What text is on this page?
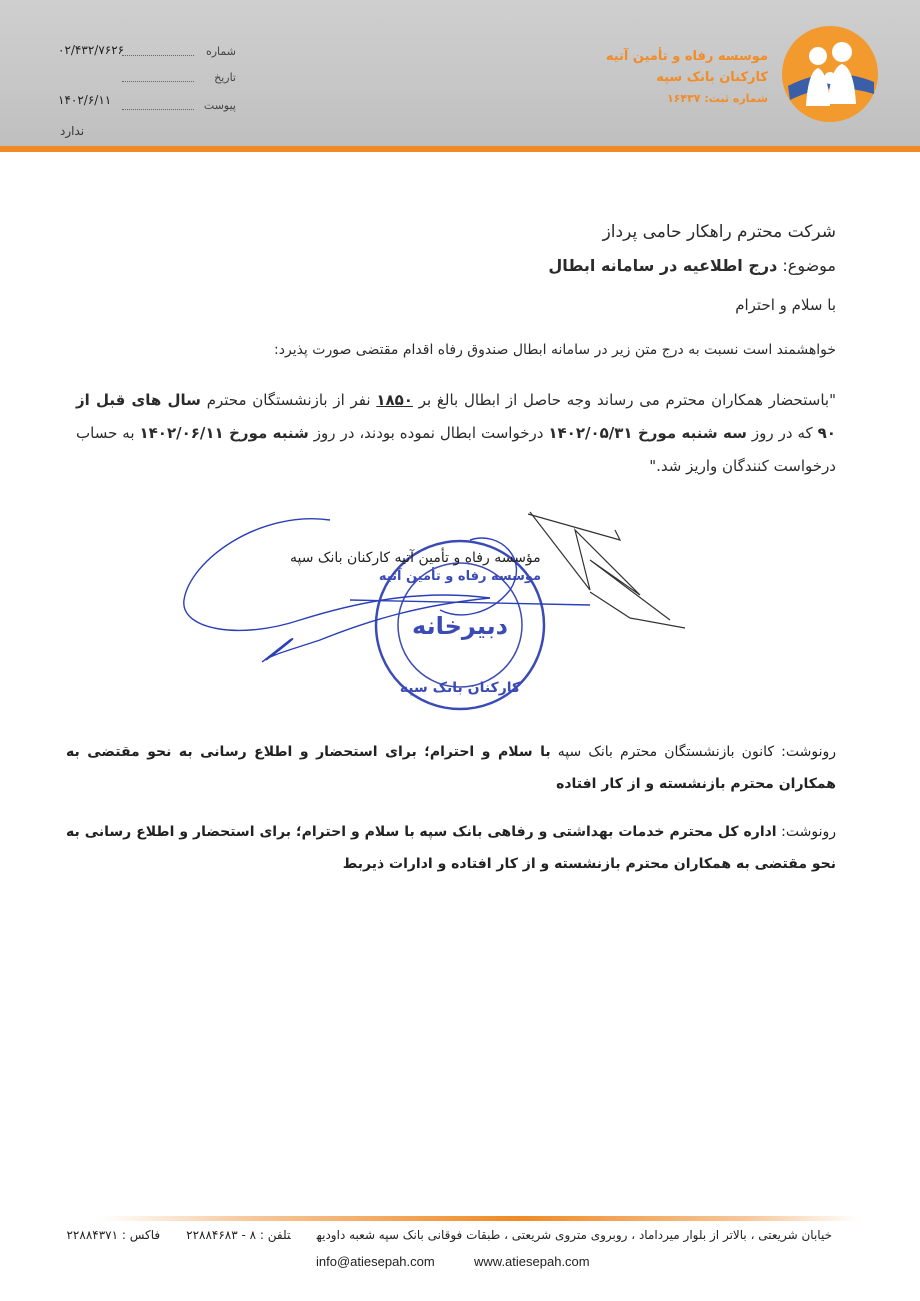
موسسه رفاه و تأمین آتیه
کارکنان بانک سپه
شماره ثبت: ۱۶۴۳۷
شماره
۰۲/۴۳۲/۷۶۲۶
تاریخ
۱۴۰۲/۶/۱۱	پیوست
ندارد
شرکت محترم راهکار حامی پرداز
موضوع: درج اطلاعیه در سامانه ابطال
با سلام و احترام
خواهشمند است نسبت به درج متن زیر در سامانه ابطال صندوق رفاه اقدام مقتضی صورت پذیرد:
"باستحضار همکاران محترم می رساند وجه حاصل از ابطال بالغ بر ۱۸۵۰ نفر از بازنشستگان محترم سال های قبل از ۹۰ که در روز سه شنبه مورخ ۱۴۰۲/۰۵/۳۱ درخواست ابطال نموده بودند، در روز شنبه مورخ ۱۴۰۲/۰۶/۱۱ به حساب درخواست کنندگان واریز شد."
دبیرخانه
کارکنان بانک سپه
موسسه رفاه و تأمین آتیه
مؤسسه رفاه و تأمین آتیه کارکنان بانک سپه
رونوشت: کانون بازنشستگان محترم بانک سپه با سلام و احترام؛ برای استحضار و اطلاع رسانی به نحو مقتضی به همکاران محترم بازنشسته و از کار افتاده
رونوشت: اداره کل محترم خدمات بهداشتی و رفاهی بانک سپه با سلام و احترام؛ برای استحضار و اطلاع رسانی به نحو مقتضی به همکاران محترم بازنشسته و از کار افتاده و ادارات ذیربط
خیابان شریعتی ، بالاتر از بلوار میرداماد ، روبروی متروی شریعتی ، طبقات فوقانی بانک سپه شعبه داودیهتلفن : ۸ - ۲۲۸۸۴۶۸۳فاکس : ۲۲۸۸۴۳۷۱
www.atiesepah.com
info@atiesepah.com
